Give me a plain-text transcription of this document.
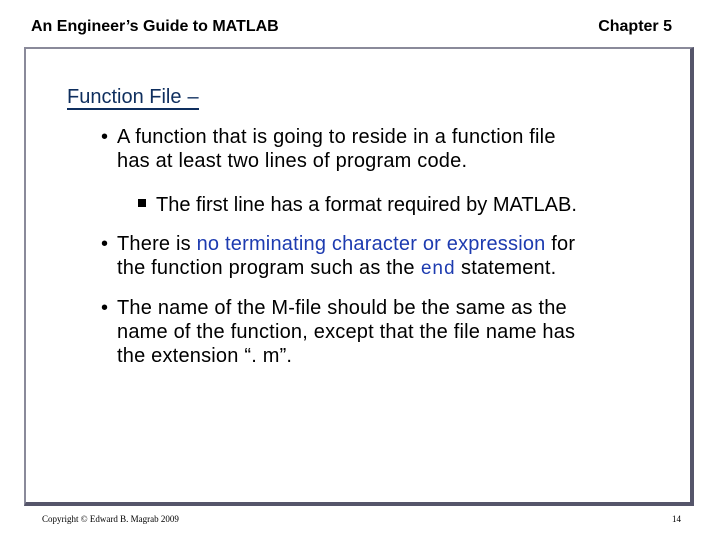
An Engineer’s Guide to MATLAB	Chapter 5
Function File –
• A function that is going to reside in a function file
has at least two lines of program code.
The first line has a format required by MATLAB.
• There is no terminating character or expression for
the function program such as the end statement.
• The name of the M-file should be the same as the
name of the function, except that the file name has
the extension “. m”.
Copyright © Edward B. Magrab 2009	14
